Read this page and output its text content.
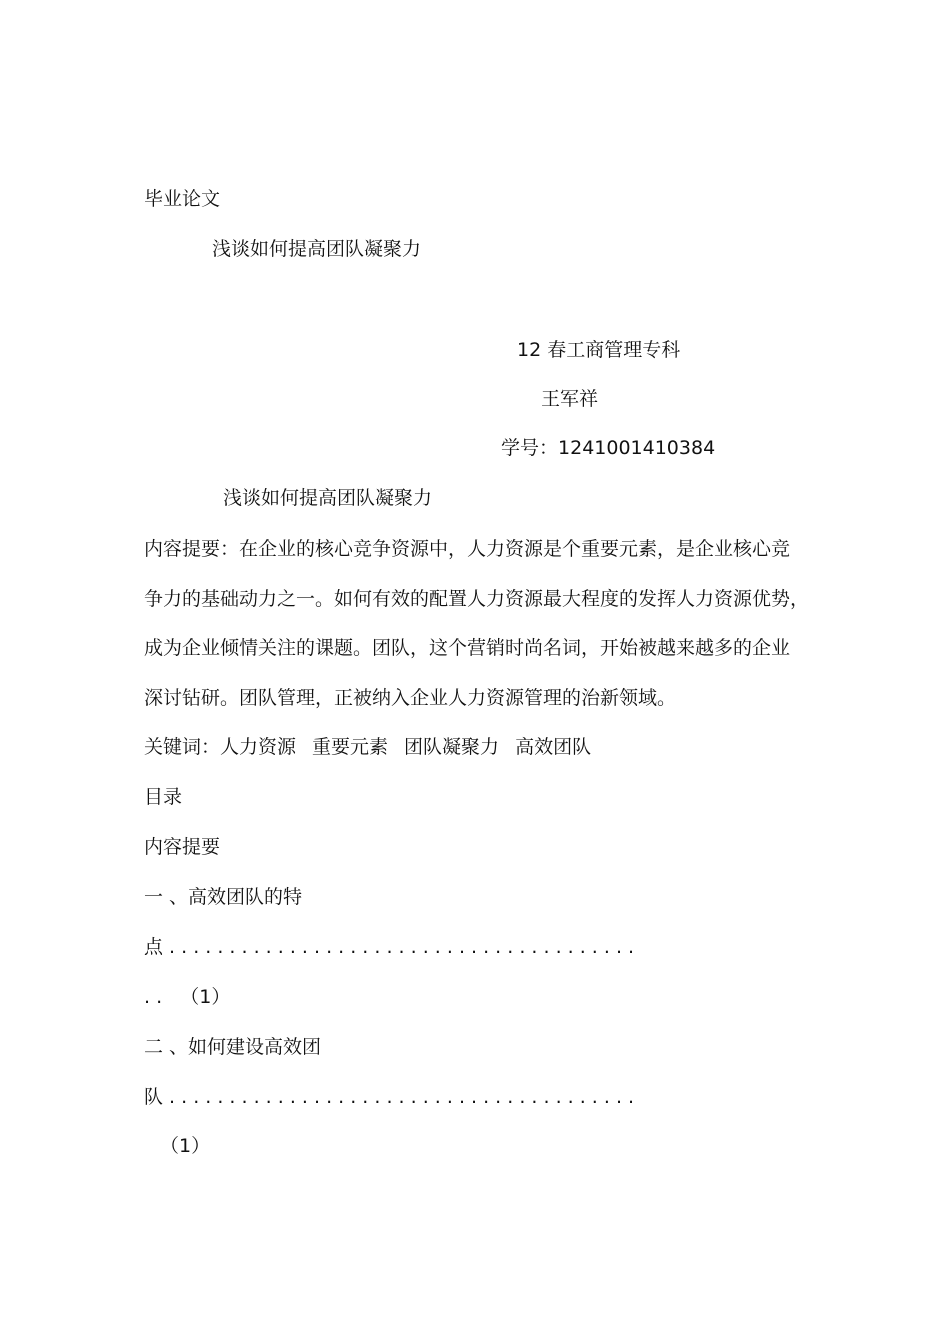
毕业论文

浅谈如何提高团队凝聚力

12 春工商管理专科

王军祥

学号：1241001410384

浅谈如何提高团队凝聚力

内容提要：在企业的核心竞争资源中，人力资源是个重要元素，是企业核心竞

争力的基础动力之一。如何有效的配置人力资源最大程度的发挥人力资源优势，

成为企业倾情关注的课题。团队，这个营销时尚名词，开始被越来越多的企业

深讨钻研。团队管理，正被纳入企业人力资源管理的治新领域。

关键词：人力资源 重要元素 团队凝聚力 高效团队

目录

内容提要

一 、高效团队的特

点 . . . . . . . . . . . . . . . . . . . . . . . . . . . . . . . . . . . . . . .

. .   （1）

二 、如何建设高效团

队 . . . . . . . . . . . . . . . . . . . . . . . . . . . . . . . . . . . . . . .

（1）
